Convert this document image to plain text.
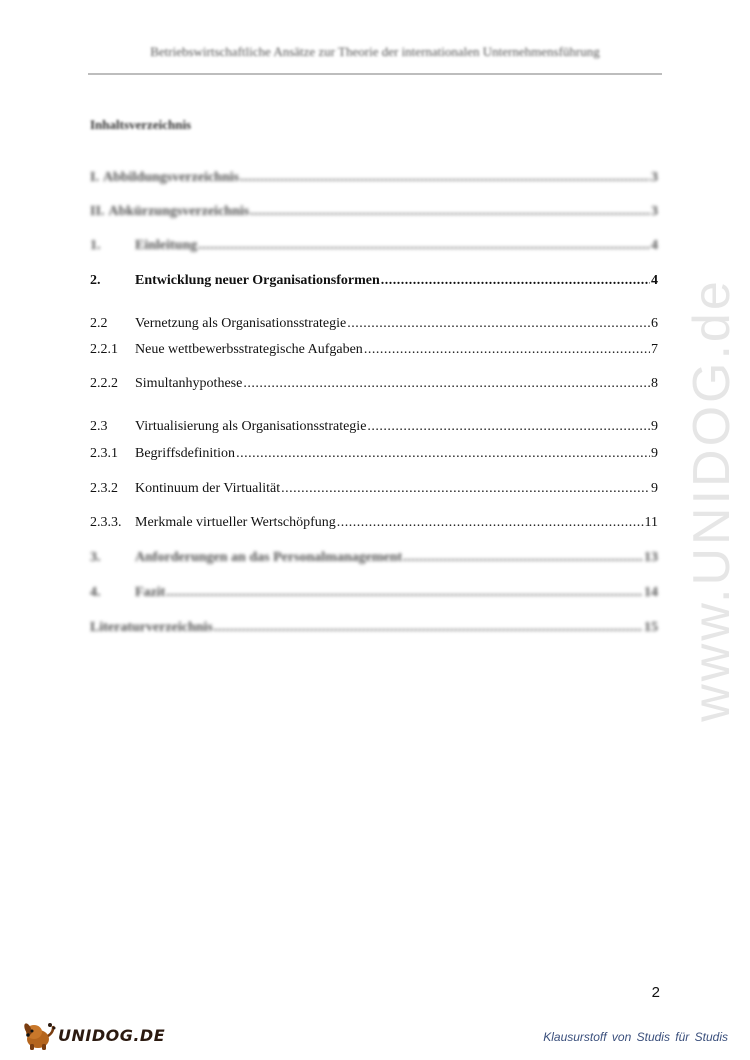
Betriebswirtschaftliche Ansätze zur Theorie der internationalen Unternehmensführung
www.UNIDOG.de
Inhaltsverzeichnis
I. Abbildungsverzeichnis .....	3
II. Abkürzungsverzeichnis .....	3
1.	Einleitung .....	4
2.	Entwicklung neuer Organisationsformen .....	4
2.2	Vernetzung als Organisationsstrategie .....	6
2.2.1	Neue wettbewerbsstrategische Aufgaben .....	7
2.2.2	Simultanhypothese .....	8
2.3	Virtualisierung als Organisationsstrategie .....	9
2.3.1	Begriffsdefinition .....	9
2.3.2	Kontinuum der Virtualität .....	9
2.3.3. Merkmale virtueller Wertschöpfung .....	11
3.	Anforderungen an das Personalmanagement .....	13
4.	Fazit .....	14
Literaturverzeichnis .....	15
2
UNIDOG.DE	Klausurstoff von Studis für Studis
